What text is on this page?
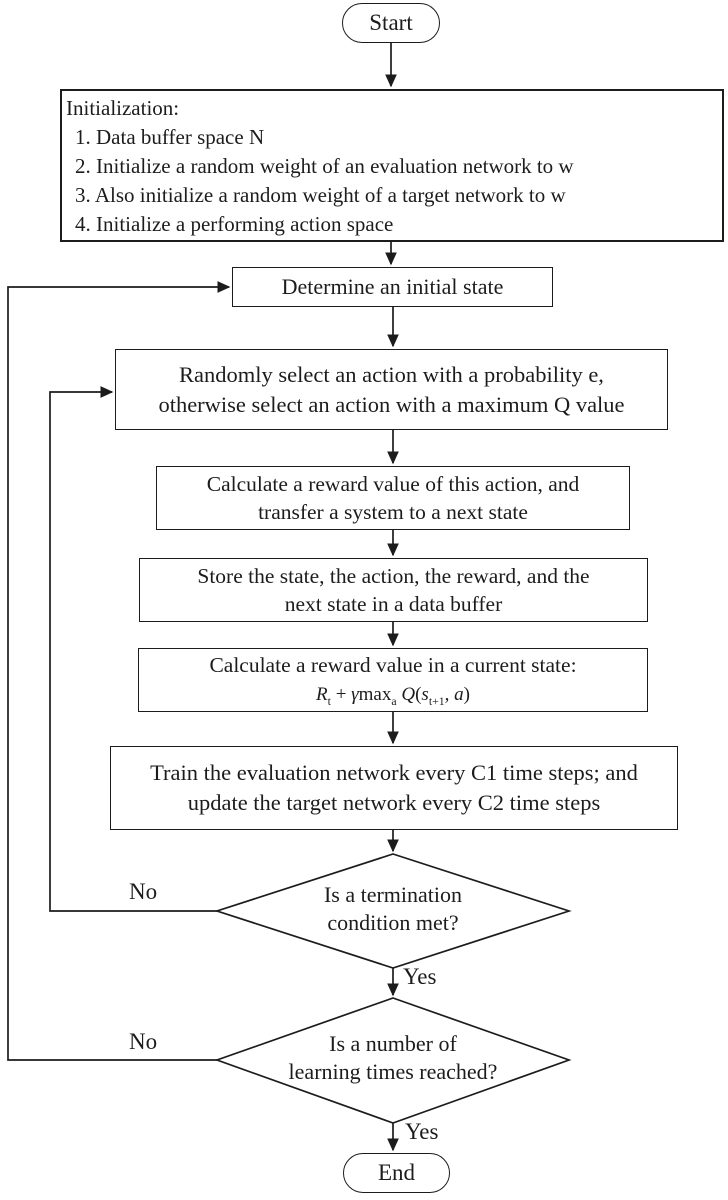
Start
Initialization:
1. Data buffer space N
2. Initialize a random weight of an evaluation network to w
3. Also initialize a random weight of a target network to w
4. Initialize a performing action space
Determine an initial state
Randomly select an action with a probability e,
otherwise select an action with a maximum Q value
Calculate a reward value of this action, and
transfer a system to a next state
Store the state, the action, the reward, and the
next state in a data buffer
Calculate a reward value in a current state:
$R_t + \gamma\max_a$ $Q(s_{t+1}$, a)
Train the evaluation network every C1 time steps; and
update the target network every C2 time steps
Is a termination
condition met?
Is a number of
learning times reached?
No
Yes
No
Yes
End
